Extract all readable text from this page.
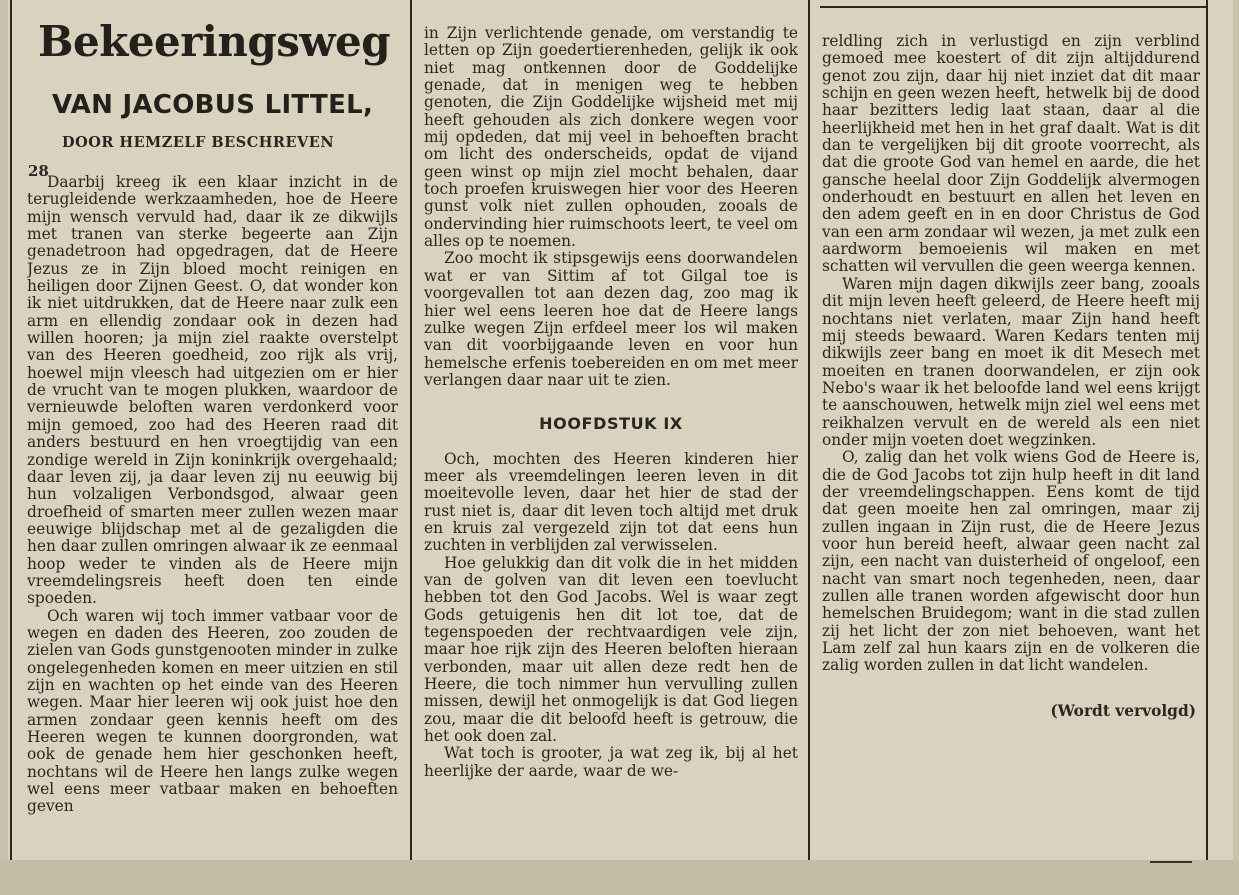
Bekeeringsweg
VAN JACOBUS LITTEL,
DOOR HEMZELF BESCHREVEN
28

Daarbij kreeg ik een klaar inzicht in de terugleidende werkzaamheden, hoe de Heere mijn wensch vervuld had, daar ik ze dikwijls met tranen van sterke begeerte aan Zijn genadetroon had opgedragen, dat de Heere Jezus ze in Zijn bloed mocht reinigen en heiligen door Zijnen Geest. O, dat wonder kon ik niet uitdrukken, dat de Heere naar zulk een arm en ellendig zondaar ook in dezen had willen hooren; ja mijn ziel raakte overstelpt van des Heeren goedheid, zoo rijk als vrij, hoewel mijn vleesch had uitgezien om er hier de vrucht van te mogen plukken, waardoor de vernieuwde beloften waren verdonkerd voor mijn gemoed, zoo had des Heeren raad dit anders bestuurd en hen vroegtijdig van een zondige wereld in Zijn koninkrijk overgehaald; daar leven zij, ja daar leven zij nu eeuwig bij hun volzaligen Verbondsgod, alwaar geen droefheid of smarten meer zullen wezen maar eeuwige blijdschap met al de gezaligden die hen daar zullen omringen alwaar ik ze eenmaal hoop weder te vinden als de Heere mijn vreemdelingsreis heeft doen ten einde spoeden.

Och waren wij toch immer vatbaar voor de wegen en daden des Heeren, zoo zouden de zielen van Gods gunstgenooten minder in zulke ongelegenheden komen en meer uitzien en stil zijn en wachten op het einde van des Heeren wegen. Maar hier leeren wij ook juist hoe den armen zondaar geen kennis heeft om des Heeren wegen te kunnen doorgronden, wat ook de genade hem hier geschonken heeft, nochtans wil de Heere hen langs zulke wegen wel eens meer vatbaar maken en behoeften geven

in Zijn verlichtende genade, om verstandig te letten op Zijn goedertierenheden, gelijk ik ook niet mag ontkennen door de Goddelijke genade, dat in menigen weg te hebben genoten, die Zijn Goddelijke wijsheid met mij heeft gehouden als zich donkere wegen voor mij opdeden, dat mij veel in behoeften bracht om licht des onderscheids, opdat de vijand geen winst op mijn ziel mocht behalen, daar toch proefen kruiswegen hier voor des Heeren gunst volk niet zullen ophouden, zooals de ondervinding hier ruimschoots leert, te veel om alles op te noemen.

Zoo mocht ik stipsgewijs eens doorwandelen wat er van Sittim af tot Gilgal toe is voorgevallen tot aan dezen dag, zoo mag ik hier wel eens leeren hoe dat de Heere langs zulke wegen Zijn erfdeel meer los wil maken van dit voorbijgaande leven en voor hun hemelsche erfenis toebereiden en om met meer verlangen daar naar uit te zien.

HOOFDSTUK IX

Och, mochten des Heeren kinderen hier meer als vreemdelingen leeren leven in dit moeitevolle leven, daar het hier de stad der rust niet is, daar dit leven toch altijd met druk en kruis zal vergezeld zijn tot dat eens hun zuchten in verblijden zal verwisselen.

Hoe gelukkig dan dit volk die in het midden van de golven van dit leven een toevlucht hebben tot den God Jacobs. Wel is waar zegt Gods getuigenis hen dit lot toe, dat de tegenspoeden der rechtvaardigen vele zijn, maar hoe rijk zijn des Heeren beloften hieraan verbonden, maar uit allen deze redt hen de Heere, die toch nimmer hun vervulling zullen missen, dewijl het onmogelijk is dat God liegen zou, maar die dit beloofd heeft is getrouw, die het ook doen zal.

Wat toch is grooter, ja wat zeg ik, bij al het heerlijke der aarde, waar de we-

reldling zich in verlustigd en zijn verblind gemoed mee koestert of dit zijn altijddurend genot zou zijn, daar hij niet inziet dat dit maar schijn en geen wezen heeft, hetwelk bij de dood haar bezitters ledig laat staan, daar al die heerlijkheid met hen in het graf daalt. Wat is dit dan te vergelijken bij dit groote voorrecht, als dat die groote God van hemel en aarde, die het gansche heelal door Zijn Goddelijk alvermogen onderhoudt en bestuurt en allen het leven en den adem geeft en in en door Christus de God van een arm zondaar wil wezen, ja met zulk een aardworm bemoeienis wil maken en met schatten wil vervullen die geen weerga kennen.

Waren mijn dagen dikwijls zeer bang, zooals dit mijn leven heeft geleerd, de Heere heeft mij nochtans niet verlaten, maar Zijn hand heeft mij steeds bewaard. Waren Kedars tenten mij dikwijls zeer bang en moet ik dit Mesech met moeiten en tranen doorwandelen, er zijn ook Nebo's waar ik het beloofde land wel eens krijgt te aanschouwen, hetwelk mijn ziel wel eens met reikhalzen vervult en de wereld als een niet onder mijn voeten doet wegzinken.

O, zalig dan het volk wiens God de Heere is, die de God Jacobs tot zijn hulp heeft in dit land der vreemdelingschappen. Eens komt de tijd dat geen moeite hen zal omringen, maar zij zullen ingaan in Zijn rust, die de Heere Jezus voor hun bereid heeft, alwaar geen nacht zal zijn, een nacht van duisterheid of ongeloof, een nacht van smart noch tegenheden, neen, daar zullen alle tranen worden afgewischt door hun hemelschen Bruidegom; want in die stad zullen zij het licht der zon niet behoeven, want het Lam zelf zal hun kaars zijn en de volkeren die zalig worden zullen in dat licht wandelen.

(Wordt vervolgd)
